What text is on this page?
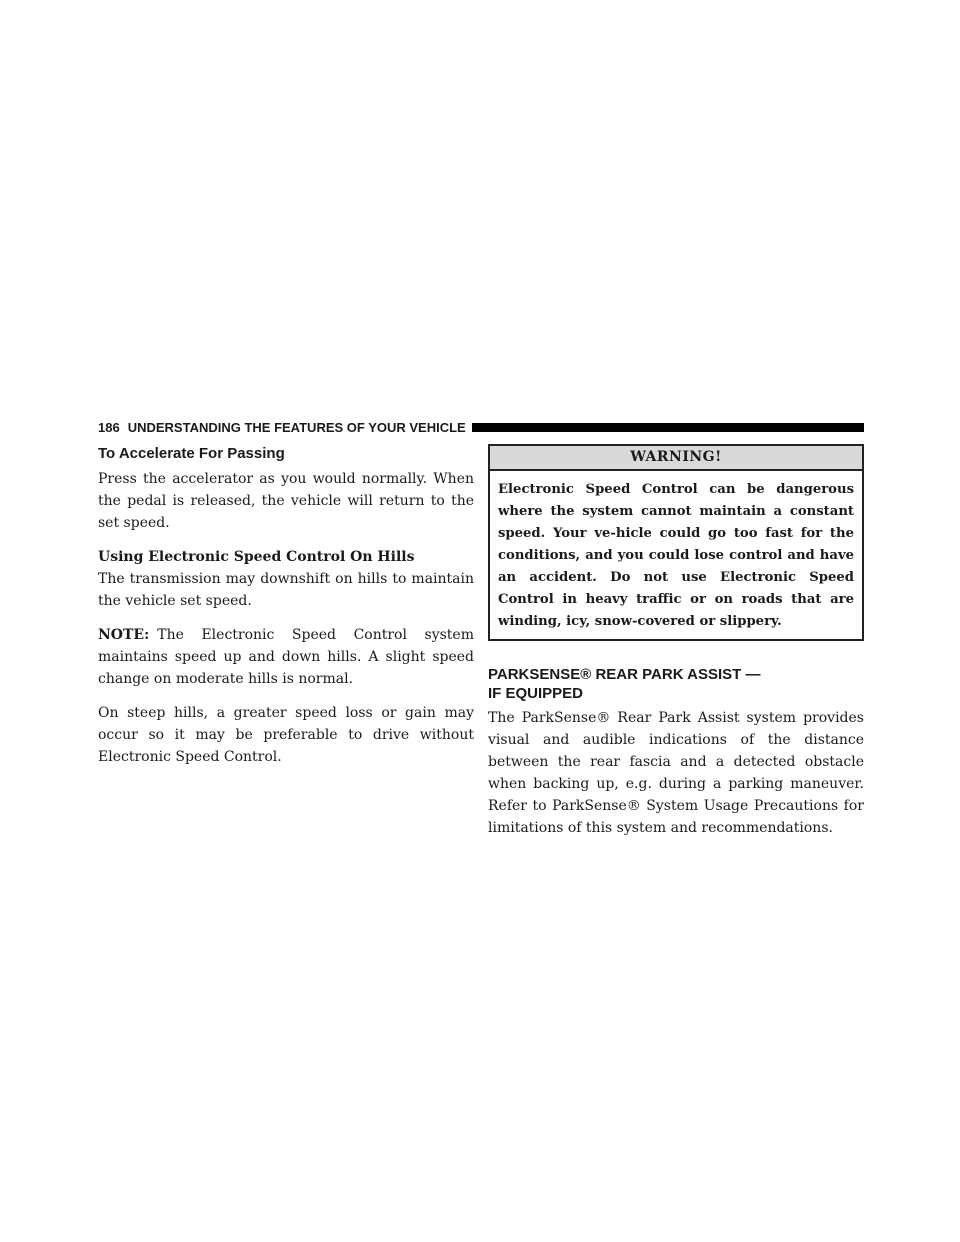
186 UNDERSTANDING THE FEATURES OF YOUR VEHICLE
To Accelerate For Passing

Press the accelerator as you would normally. When the pedal is released, the vehicle will return to the set speed.

Using Electronic Speed Control On Hills

The transmission may downshift on hills to maintain the vehicle set speed.

NOTE: The Electronic Speed Control system maintains speed up and down hills. A slight speed change on moderate hills is normal.

On steep hills, a greater speed loss or gain may occur so it may be preferable to drive without Electronic Speed Control.

WARNING!
Electronic Speed Control can be dangerous where the system cannot maintain a constant speed. Your ve-hicle could go too fast for the conditions, and you could lose control and have an accident. Do not use Electronic Speed Control in heavy traffic or on roads that are winding, icy, snow-covered or slippery.
PARKSENSE® REAR PARK ASSIST —
IF EQUIPPED

The ParkSense® Rear Park Assist system provides visual and audible indications of the distance between the rear fascia and a detected obstacle when backing up, e.g. during a parking maneuver. Refer to ParkSense® System Usage Precautions for limitations of this system and recommendations.
